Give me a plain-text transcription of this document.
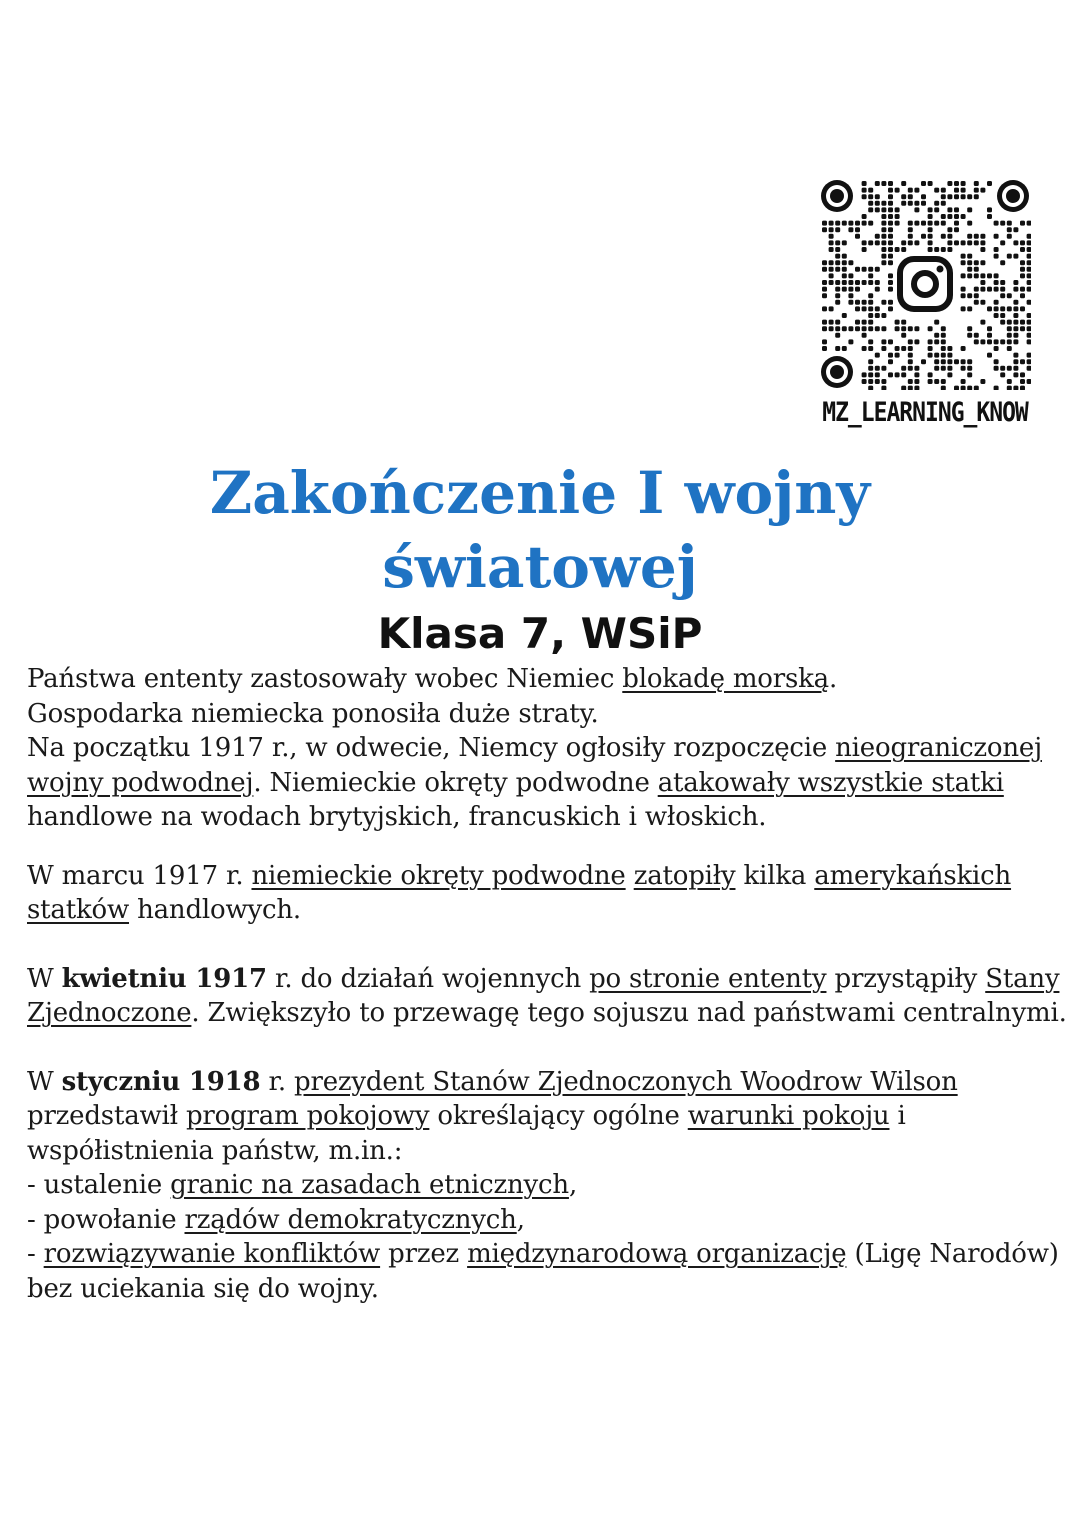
MZ_LEARNING_KNOW
Zakończenie I wojny
światowej
Klasa 7, WSiP

Państwa ententy zastosowały wobec Niemiec blokadę morską.
Gospodarka niemiecka ponosiła duże straty.
Na początku 1917 r., w odwecie, Niemcy ogłosiły rozpoczęcie nieograniczonej wojny podwodnej. Niemieckie okręty podwodne atakowały wszystkie statki handlowe na wodach brytyjskich, francuskich i włoskich.

W marcu 1917 r. niemieckie okręty podwodne zatopiły kilka amerykańskich statków handlowych.

W kwietniu 1917 r. do działań wojennych po stronie ententy przystąpiły Stany Zjednoczone. Zwiększyło to przewagę tego sojuszu nad państwami centralnymi.

W styczniu 1918 r. prezydent Stanów Zjednoczonych Woodrow Wilson przedstawił program pokojowy określający ogólne warunki pokoju i współistnienia państw, m.in.:
- ustalenie granic na zasadach etnicznych,
- powołanie rządów demokratycznych,
- rozwiązywanie konfliktów przez międzynarodową organizację (Ligę Narodów) bez uciekania się do wojny.
